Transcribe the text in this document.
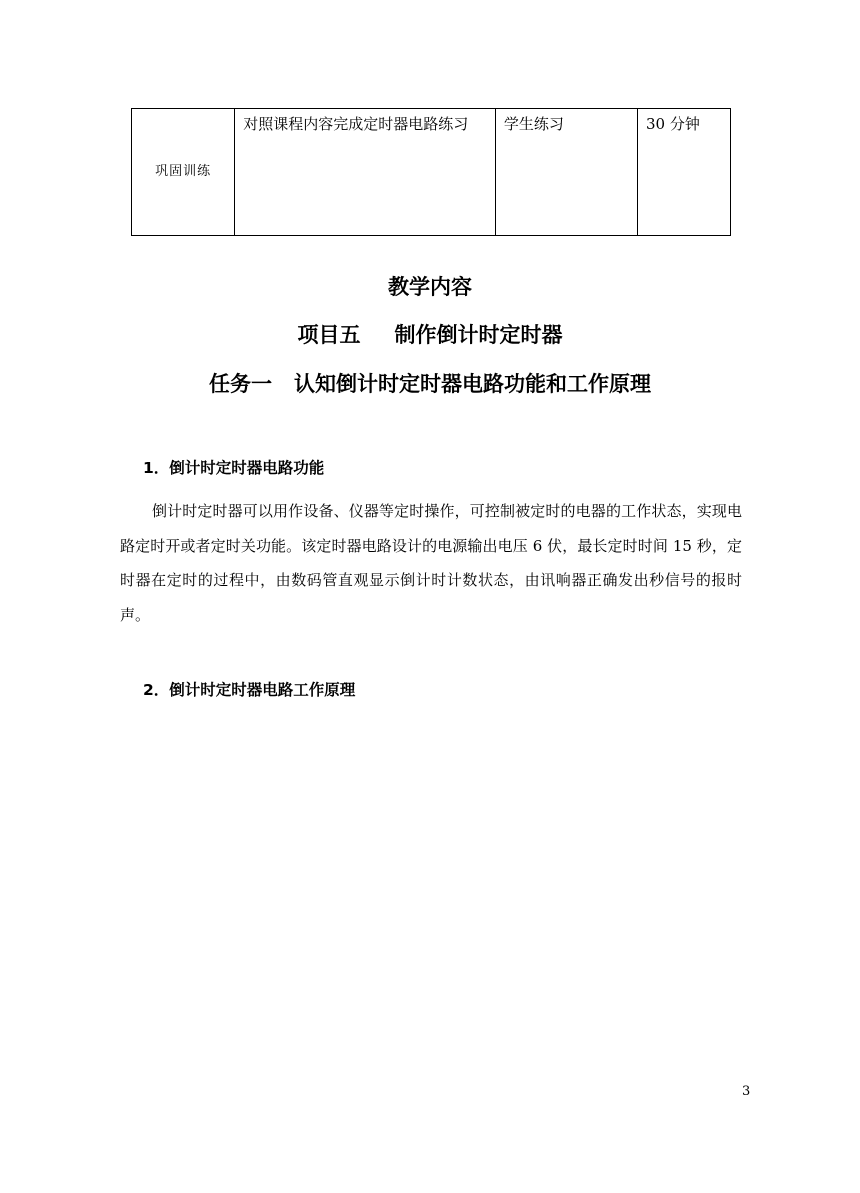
巩固训练	对照课程内容完成定时器电路练习	学生练习	30 分钟
教学内容
项目五 制作倒计时定时器
任务一 认知倒计时定时器电路功能和工作原理
1．倒计时定时器电路功能

倒计时定时器可以用作设备、仪器等定时操作，可控制被定时的电器的工作状态，实现电路定时开或者定时关功能。该定时器电路设计的电源输出电压 6 伏，最长定时时间 15 秒，定时器在定时的过程中，由数码管直观显示倒计时计数状态，由讯响器正确发出秒信号的报时声。

2．倒计时定时器电路工作原理
3
